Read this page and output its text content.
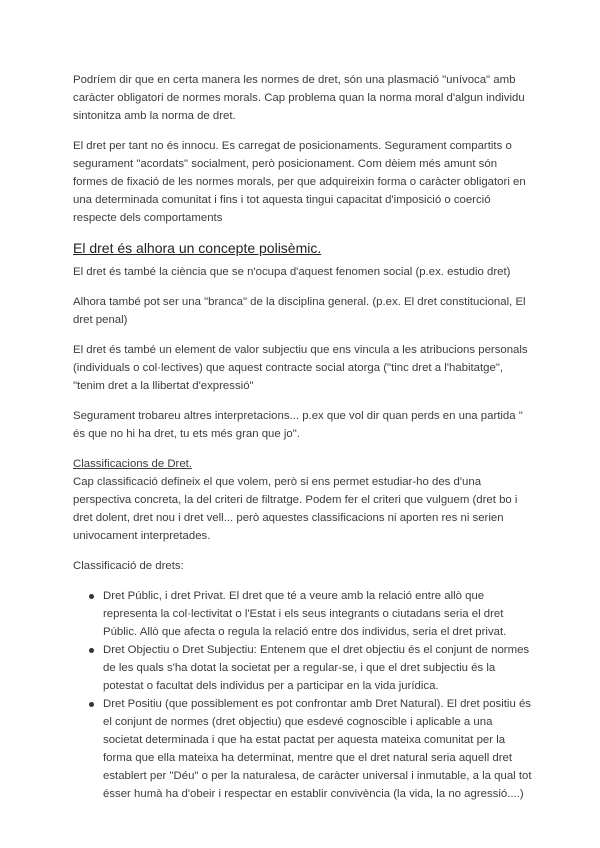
Podríem dir que en certa manera les normes de dret, són una plasmació "unívoca" amb caràcter obligatori de normes morals. Cap problema quan la norma moral d'algun individu sintonitza amb la norma de dret.

El dret per tant no és innocu. Es carregat de posicionaments. Segurament compartits o segurament "acordats" socialment, però posicionament. Com dèiem més amunt són formes de fixació de les normes morals, per que adquireixin forma o caràcter obligatori en una determinada comunitat i fins i tot aquesta tingui capacitat d'imposició o coerció respecte dels comportaments

El dret és alhora un concepte polisèmic.

El dret és també la ciència que se n'ocupa d'aquest fenomen social (p.ex. estudio dret)

Alhora també pot ser una "branca" de la disciplina general. (p.ex. El dret constitucional, El dret penal)

El dret és també un element de valor subjectiu que ens vincula a les atribucions personals (individuals o col·lectives) que aquest contracte social atorga ("tinc dret a l'habitatge", "tenim dret a la llibertat d'expressió"

Segurament trobareu altres interpretacions... p.ex que vol dir quan perds en una partida " és que no hi ha dret, tu ets més gran que jo".

Classificacions de Dret.

Cap classificació defineix el que volem, però si ens permet estudiar-ho des d'una perspectiva concreta, la del criteri de filtratge. Podem fer el criteri que vulguem (dret bo i dret dolent, dret nou i dret vell... però aquestes classificacions ni aporten res ni serien univocament interpretades.

Classificació de drets:

Dret Públic, i dret Privat. El dret que té a veure amb la relació entre allò que representa la col·lectivitat o l'Estat i els seus integrants o ciutadans seria el dret Públic. Allò que afecta o regula la relació entre dos individus, seria el dret privat.
Dret Objectiu o Dret Subjectiu: Entenem que el dret objectiu és el conjunt de normes de les quals s'ha dotat la societat per a regular-se, i que el dret subjectiu és la potestat o facultat dels individus per a participar en la vida jurídica.
Dret Positiu (que possiblement es pot confrontar amb Dret Natural). El dret positiu és el conjunt de normes (dret objectiu) que esdevé cognoscible i aplicable a una societat determinada i que ha estat pactat per aquesta mateixa comunitat per la forma que ella mateixa ha determinat, mentre que el dret natural seria aquell dret establert per "Déu" o per la naturalesa, de caràcter universal i inmutable, a la qual tot ésser humà ha d'obeir i respectar en establir convivència (la vida, la no agressió....)
